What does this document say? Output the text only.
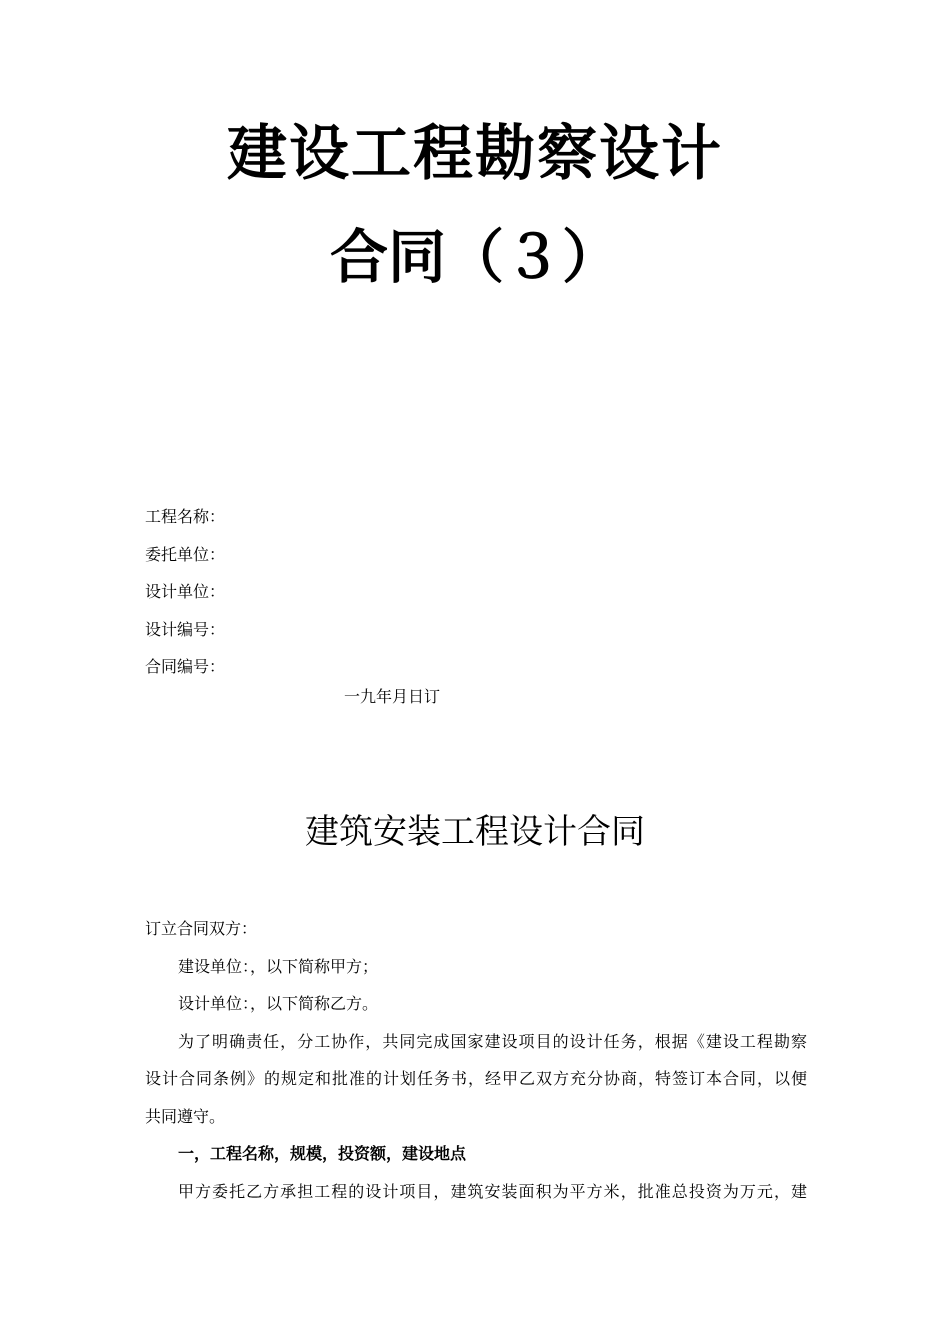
建设工程勘察设计
合同（３）
工程名称：
委托单位：
设计单位：
设计编号：
合同编号：
一九年月日订
建筑安装工程设计合同
订立合同双方：
建设单位：，以下简称甲方；
设计单位：，以下简称乙方。
为了明确责任，分工协作，共同完成国家建设项目的设计任务，根据《建设工程勘察
设计合同条例》的规定和批准的计划任务书，经甲乙双方充分协商，特签订本合同，以便
共同遵守。
一，工程名称，规模，投资额，建设地点
甲方委托乙方承担工程的设计项目，建筑安装面积为平方米，批准总投资为万元，建
